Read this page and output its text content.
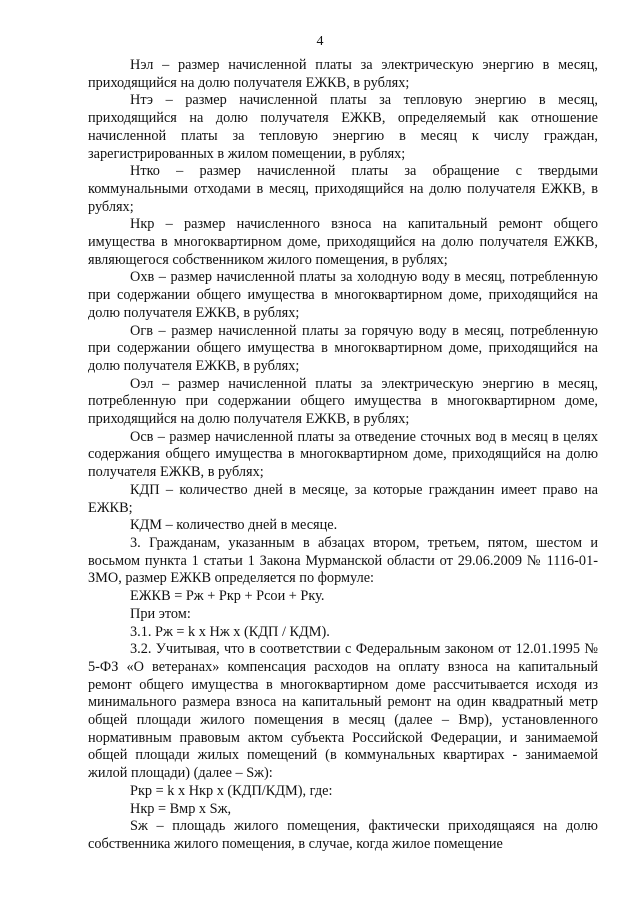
4

Нэл – размер начисленной платы за электрическую энергию в месяц, приходящийся на долю получателя ЕЖКВ, в рублях;

Нтэ – размер начисленной платы за тепловую энергию в месяц, приходящийся на долю получателя ЕЖКВ, определяемый как отношение начисленной платы за тепловую энергию в месяц к числу граждан, зарегистрированных в жилом помещении, в рублях;

Нтко – размер начисленной платы за обращение с твердыми коммунальными отходами в месяц, приходящийся на долю получателя ЕЖКВ, в рублях;

Нкр – размер начисленного взноса на капитальный ремонт общего имущества в многоквартирном доме, приходящийся на долю получателя ЕЖКВ, являющегося собственником жилого помещения, в рублях;

Охв – размер начисленной платы за холодную воду в месяц, потребленную при содержании общего имущества в многоквартирном доме, приходящийся на долю получателя ЕЖКВ, в рублях;

Огв – размер начисленной платы за горячую воду в месяц, потребленную при содержании общего имущества в многоквартирном доме, приходящийся на долю получателя ЕЖКВ, в рублях;

Оэл – размер начисленной платы за электрическую энергию в месяц, потребленную при содержании общего имущества в многоквартирном доме, приходящийся на долю получателя ЕЖКВ, в рублях;

Осв – размер начисленной платы за отведение сточных вод в месяц в целях содержания общего имущества в многоквартирном доме, приходящийся на долю получателя ЕЖКВ, в рублях;

КДП – количество дней в месяце, за которые гражданин имеет право на ЕЖКВ;

КДМ – количество дней в месяце.

3. Гражданам, указанным в абзацах втором, третьем, пятом, шестом и восьмом пункта 1 статьи 1 Закона Мурманской области от 29.06.2009 № 1116-01-ЗМО, размер ЕЖКВ определяется по формуле:

ЕЖКВ = Рж + Ркр + Рсои + Рку.

При этом:

3.1. Рж = k x Нж x (КДП / КДМ).

3.2. Учитывая, что в соответствии с Федеральным законом от 12.01.1995 № 5-ФЗ «О ветеранах» компенсация расходов на оплату взноса на капитальный ремонт общего имущества в многоквартирном доме рассчитывается исходя из минимального размера взноса на капитальный ремонт на один квадратный метр общей площади жилого помещения в месяц (далее – Вмр), установленного нормативным правовым актом субъекта Российской Федерации, и занимаемой общей площади жилых помещений (в коммунальных квартирах - занимаемой жилой площади) (далее – Sж):

Ркр = k x Нкр x (КДП/КДМ), где:

Нкр = Вмр x Sж,

Sж – площадь жилого помещения, фактически приходящаяся на долю собственника жилого помещения, в случае, когда жилое помещение
